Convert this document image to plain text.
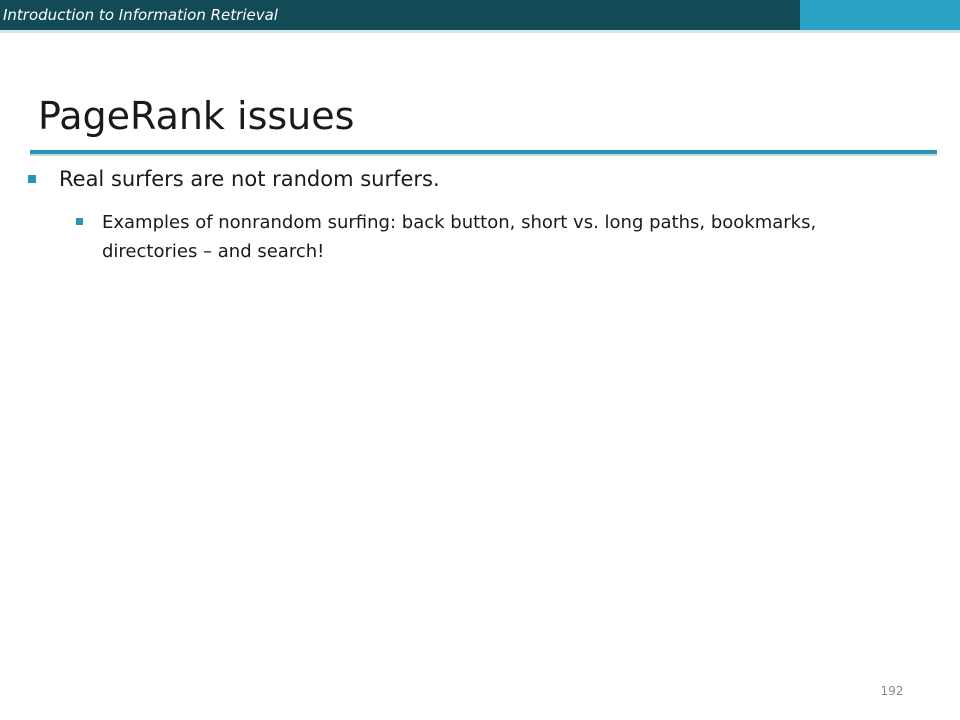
Introduction to Information Retrieval
PageRank issues
Real surfers are not random surfers.
Examples of nonrandom surfing: back button, short vs. long paths, bookmarks, directories – and search!
192
